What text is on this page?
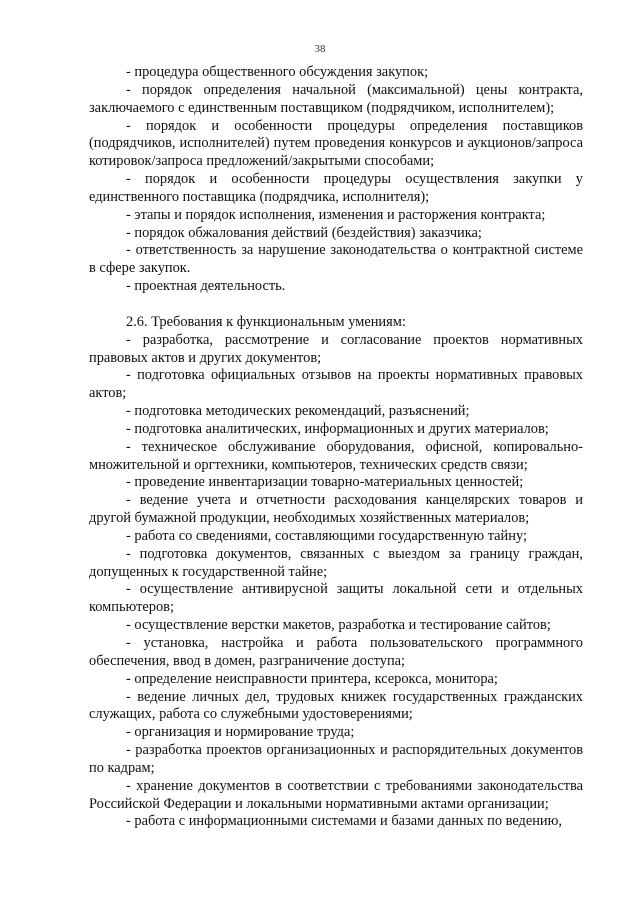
38

- процедура общественного обсуждения закупок;

- порядок определения начальной (максимальной) цены контракта, заключаемого с единственным поставщиком (подрядчиком, исполнителем);

- порядок и особенности процедуры определения поставщиков (подрядчиков, исполнителей) путем проведения конкурсов и аукционов/запроса котировок/запроса предложений/закрытыми способами;

- порядок и особенности процедуры осуществления закупки у единственного поставщика (подрядчика, исполнителя);

- этапы и порядок исполнения, изменения и расторжения контракта;

- порядок обжалования действий (бездействия) заказчика;

- ответственность за нарушение законодательства о контрактной системе в сфере закупок.

- проектная деятельность.

2.6. Требования к функциональным умениям:

- разработка, рассмотрение и согласование проектов нормативных правовых актов и других документов;

- подготовка официальных отзывов на проекты нормативных правовых актов;

- подготовка методических рекомендаций, разъяснений;

- подготовка аналитических, информационных и других материалов;

- техническое обслуживание оборудования, офисной, копировально-множительной и оргтехники, компьютеров, технических средств связи;

- проведение инвентаризации товарно-материальных ценностей;

- ведение учета и отчетности расходования канцелярских товаров и другой бумажной продукции, необходимых хозяйственных материалов;

- работа со сведениями, составляющими государственную тайну;

- подготовка документов, связанных с выездом за границу граждан, допущенных к государственной тайне;

- осуществление антивирусной защиты локальной сети и отдельных компьютеров;

- осуществление верстки макетов, разработка и тестирование сайтов;

- установка, настройка и работа пользовательского программного обеспечения, ввод в домен, разграничение доступа;

- определение неисправности принтера, ксерокса, монитора;

- ведение личных дел, трудовых книжек государственных гражданских служащих, работа со служебными удостоверениями;

- организация и нормирование труда;

- разработка проектов организационных и распорядительных документов по кадрам;

- хранение документов в соответствии с требованиями законодательства Российской Федерации и локальными нормативными актами организации;

- работа с информационными системами и базами данных по ведению,
